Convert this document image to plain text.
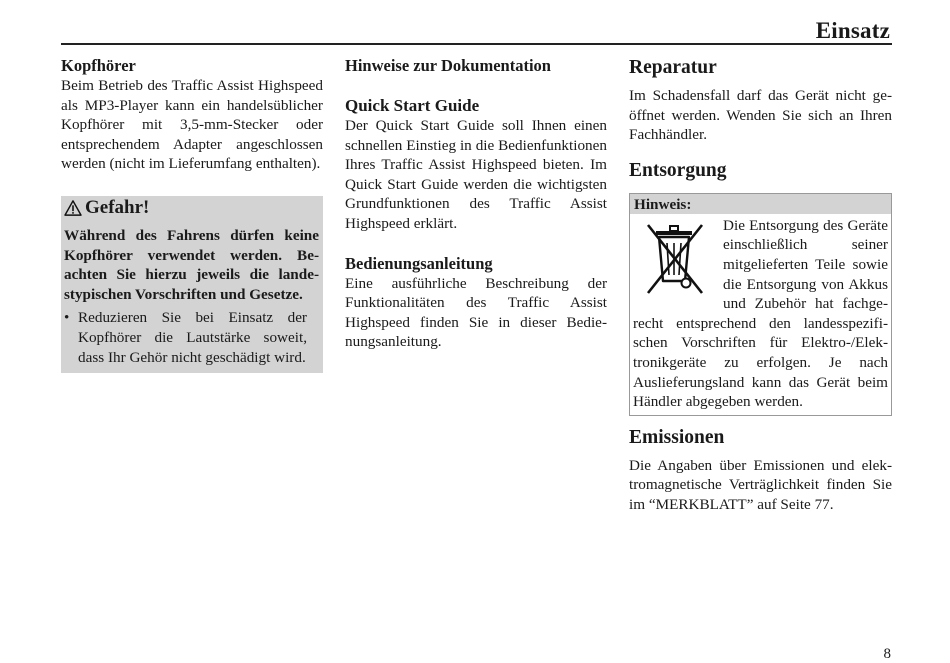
Einsatz
Kopfhörer

Beim Betrieb des Traffic Assist Highspeed als MP3-Player kann ein handelsüblicher Kopfhörer mit 3,5-mm-Stecker oder entsprechendem Adapter angeschlossen werden (nicht im Lieferumfang enthalten).

Gefahr!

Während des Fahrens dürfen keine Kopfhörer verwendet werden. Beachten Sie hierzu jeweils die landestypischen Vorschriften und Gesetze.

• Reduzieren Sie bei Einsatz der Kopfhörer die Lautstärke soweit, dass Ihr Gehör nicht geschädigt wird.
Hinweise zur Dokumentation
Quick Start Guide

Der Quick Start Guide soll Ihnen einen schnellen Einstieg in die Bedienfunktionen Ihres Traffic Assist Highspeed bieten. Im Quick Start Guide werden die wichtigsten Grundfunktionen des Traffic Assist Highspeed erklärt.

Bedienungsanleitung

Eine ausführliche Beschreibung der Funktionalitäten des Traffic Assist Highspeed finden Sie in dieser Bedienungsanleitung.

Reparatur

Im Schadensfall darf das Gerät nicht geöffnet werden. Wenden Sie sich an Ihren Fachhändler.

Entsorgung
Hinweis:
Die Entsorgung des Geräte einschließlich seiner mitgelieferten Teile sowie die Entsorgung von Akkus und Zubehör hat fachgerecht entsprechend den landesspezifischen Vorschriften für Elektro-/Elektronikgeräte zu erfolgen. Je nach Auslieferungsland kann das Gerät beim Händler abgegeben werden.
Emissionen

Die Angaben über Emissionen und elektromagnetische Verträglichkeit finden Sie im “MERKBLATT” auf Seite 77.

8
